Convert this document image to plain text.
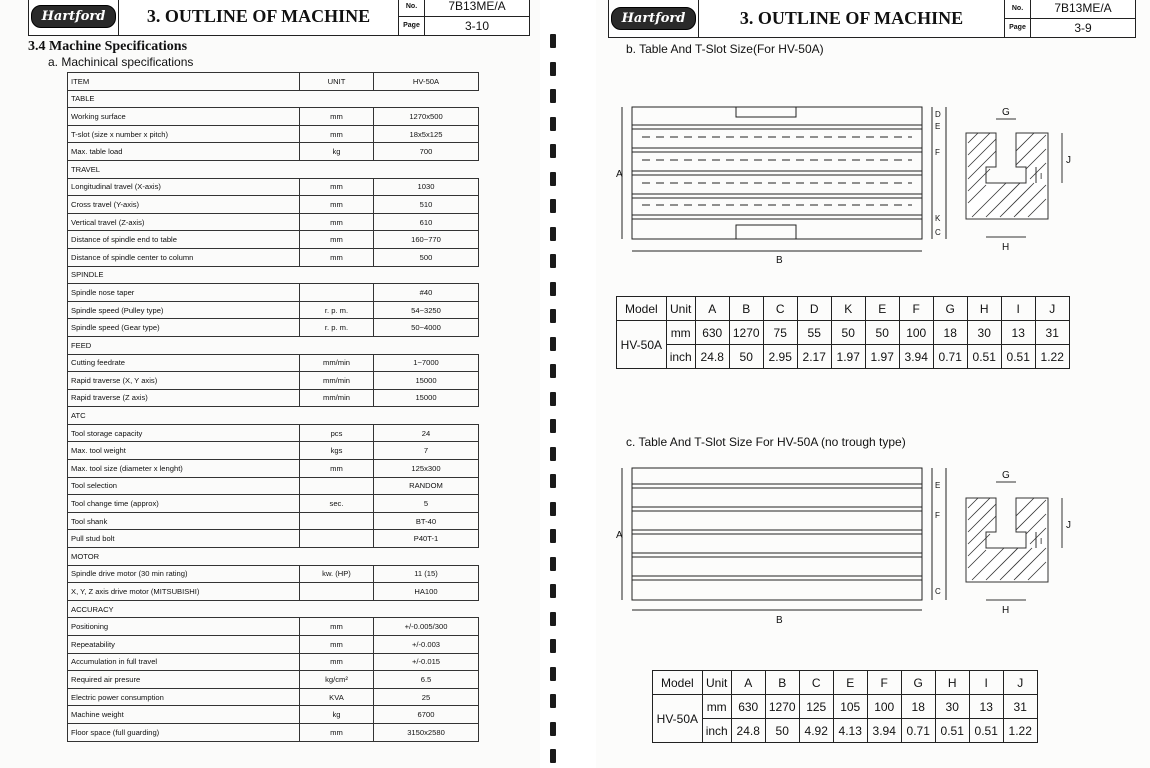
Hartford	3. OUTLINE OF MACHINE	No.	7B13ME/A
Page	3-10
3.4 Machine Specifications
a. Machinical specifications
ITEM	UNIT	HV-50A
TABLE		
Working surface	mm	1270x500
T-slot (size x number x pitch)	mm	18x5x125
Max. table load	kg	700
TRAVEL		
Longitudinal travel (X-axis)	mm	1030
Cross travel (Y-axis)	mm	510
Vertical travel (Z-axis)	mm	610
Distance of spindle end to table	mm	160~770
Distance of spindle center to column	mm	500
SPINDLE		
Spindle nose taper		#40
Spindle speed (Pulley type)	r. p. m.	54~3250
Spindle speed (Gear type)	r. p. m.	50~4000
FEED		
Cutting feedrate	mm/min	1~7000
Rapid traverse (X, Y axis)	mm/min	15000
Rapid traverse (Z axis)	mm/min	15000
ATC		
Tool storage capacity	pcs	24
Max. tool weight	kgs	7
Max. tool size (diameter x lenght)	mm	125x300
Tool selection		RANDOM
Tool change time (approx)	sec.	5
Tool shank		BT-40
Pull stud bolt		P40T-1
MOTOR		
Spindle drive motor (30 min rating)	kw. (HP)	11 (15)
X, Y, Z axis drive motor (MITSUBISHI)		HA100
ACCURACY		
Positioning	mm	+/-0.005/300
Repeatability	mm	+/-0.003
Accumulation in full travel	mm	+/-0.015
Required air presure	kg/cm²	6.5
Electric power consumption	KVA	25
Machine weight	kg	6700
Floor space (full guarding)	mm	3150x2580
Hartford	3. OUTLINE OF MACHINE	No.	7B13ME/A
Page	3-9
b. Table And T-Slot Size(For HV-50A)
A
B
C
D
K
E
F
G
H
I
J
Model	Unit	A	B	C	D	K	E	F	G	H	I	J
HV-50A	mm	630	1270	75	55	50	50	100	18	30	13	31
	inch	24.8	50	2.95	2.17	1.97	1.97	3.94	0.71	0.51	0.51	1.22
c. Table And T-Slot Size For HV-50A (no trough type)
A
B
C
E
F
G
H
I
J
Model	Unit	A	B	C	E	F	G	H	I	J
HV-50A	mm	630	1270	125	105	100	18	30	13	31
	inch	24.8	50	4.92	4.13	3.94	0.71	0.51	0.51	1.22
